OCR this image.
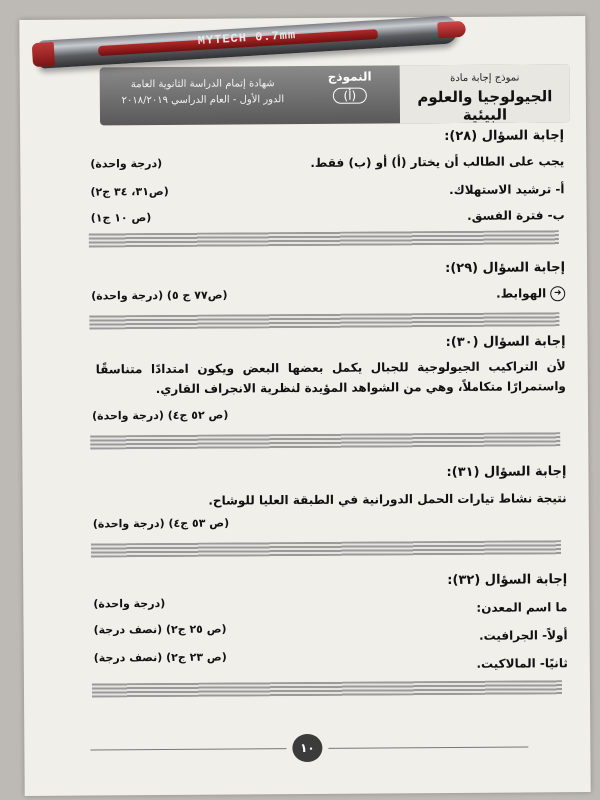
نموذج إجابة مادة
الجيولوجيا والعلوم البيئية
النموذج
(أ)
شهادة إتمام الدراسة الثانوية العامة
الدور الأول - العام الدراسي ٢٠١٨/٢٠١٩
إجابة السؤال (٢٨):
يجب على الطالب أن يختار (أ) أو (ب) فقط.
(درجة واحدة)
أ- ترشيد الاستهلاك.
(ص٣١، ٣٤ ج٢)
ب- فترة الفسق.
(ص ١٠ ج١)
إجابة السؤال (٢٩):
➜الهوابط.
(ص٧٧ ج ٥) (درجة واحدة)
إجابة السؤال (٣٠):
لأن التراكيب الجيولوجية للجبال يكمل بعضها البعض ويكون امتدادًا متناسقًا واستمرارًا متكاملاً، وهي من الشواهد المؤيدة لنظرية الانجراف القاري.
(ص ٥٢ ج٤) (درجة واحدة)
إجابة السؤال (٣١):
نتيجة نشاط تيارات الحمل الدورانية في الطبقة العليا للوشاح.
(ص ٥٣ ج٤) (درجة واحدة)
إجابة السؤال (٣٢):
ما اسم المعدن:
(درجة واحدة)
أولاً- الجرافيت.
(ص ٢٥ ج٢) (نصف درجة)
ثانيًا- المالاكيت.
(ص ٢٣ ج٢) (نصف درجة)
١٠
MYTECH 0.7mm
